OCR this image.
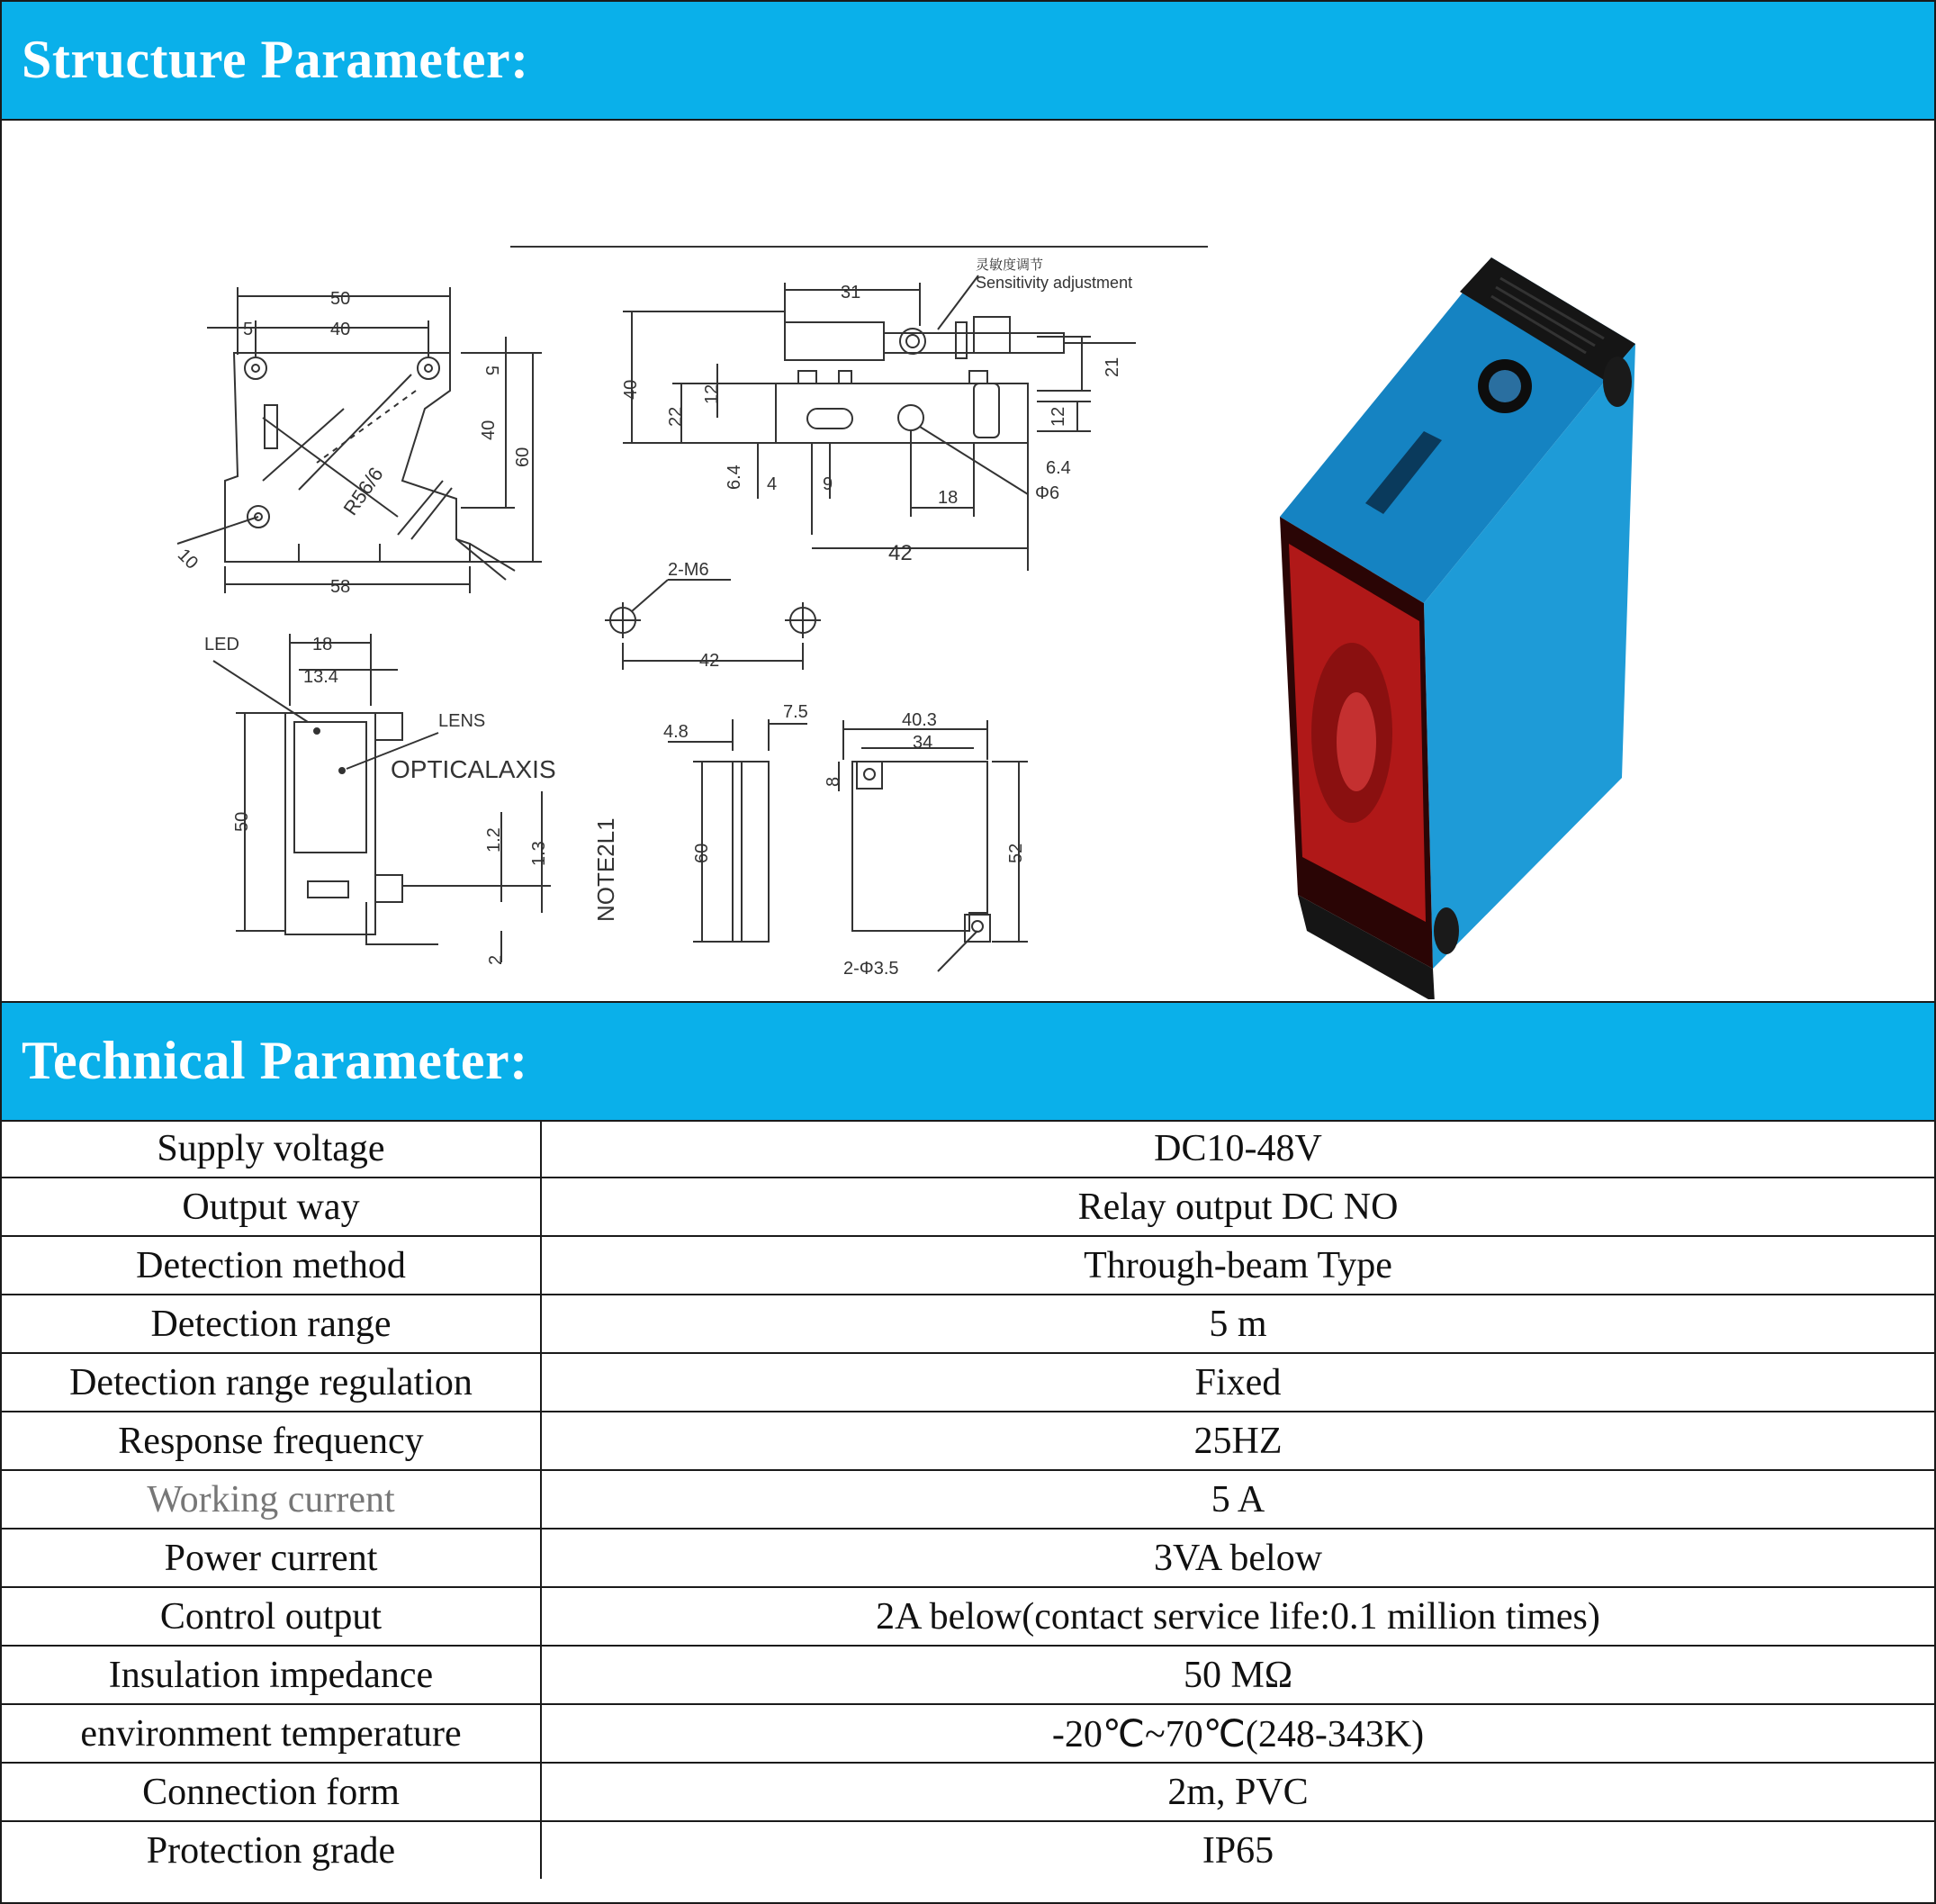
Structure Parameter:
灵敏度调节
Sensitivity adjustment
50
5	40
5
40
60
R56/6
10
58
31
40
22
12
12
21
6.4 4	9
6.4
18	Φ6
42
2-M6
42
LED	18
13.4
LENS
OPTICALAXIS
50
1.2
1.3 NOTE2L1
2
4.8
7.5
60
40.3
34
8
52
2-Φ3.5
Technical Parameter:
Supply voltage	DC10-48V
Output way	Relay output DC NO
Detection method	Through-beam Type
Detection range	5 m
Detection range regulation	Fixed
Response frequency	25HZ
Working current	5 A
Power current	3VA below
Control output	2A below(contact service life:0.1 million times)
Insulation impedance	50 MΩ
environment temperature	-20℃~70℃(248-343K)
Connection form	2m, PVC
Protection grade	IP65
